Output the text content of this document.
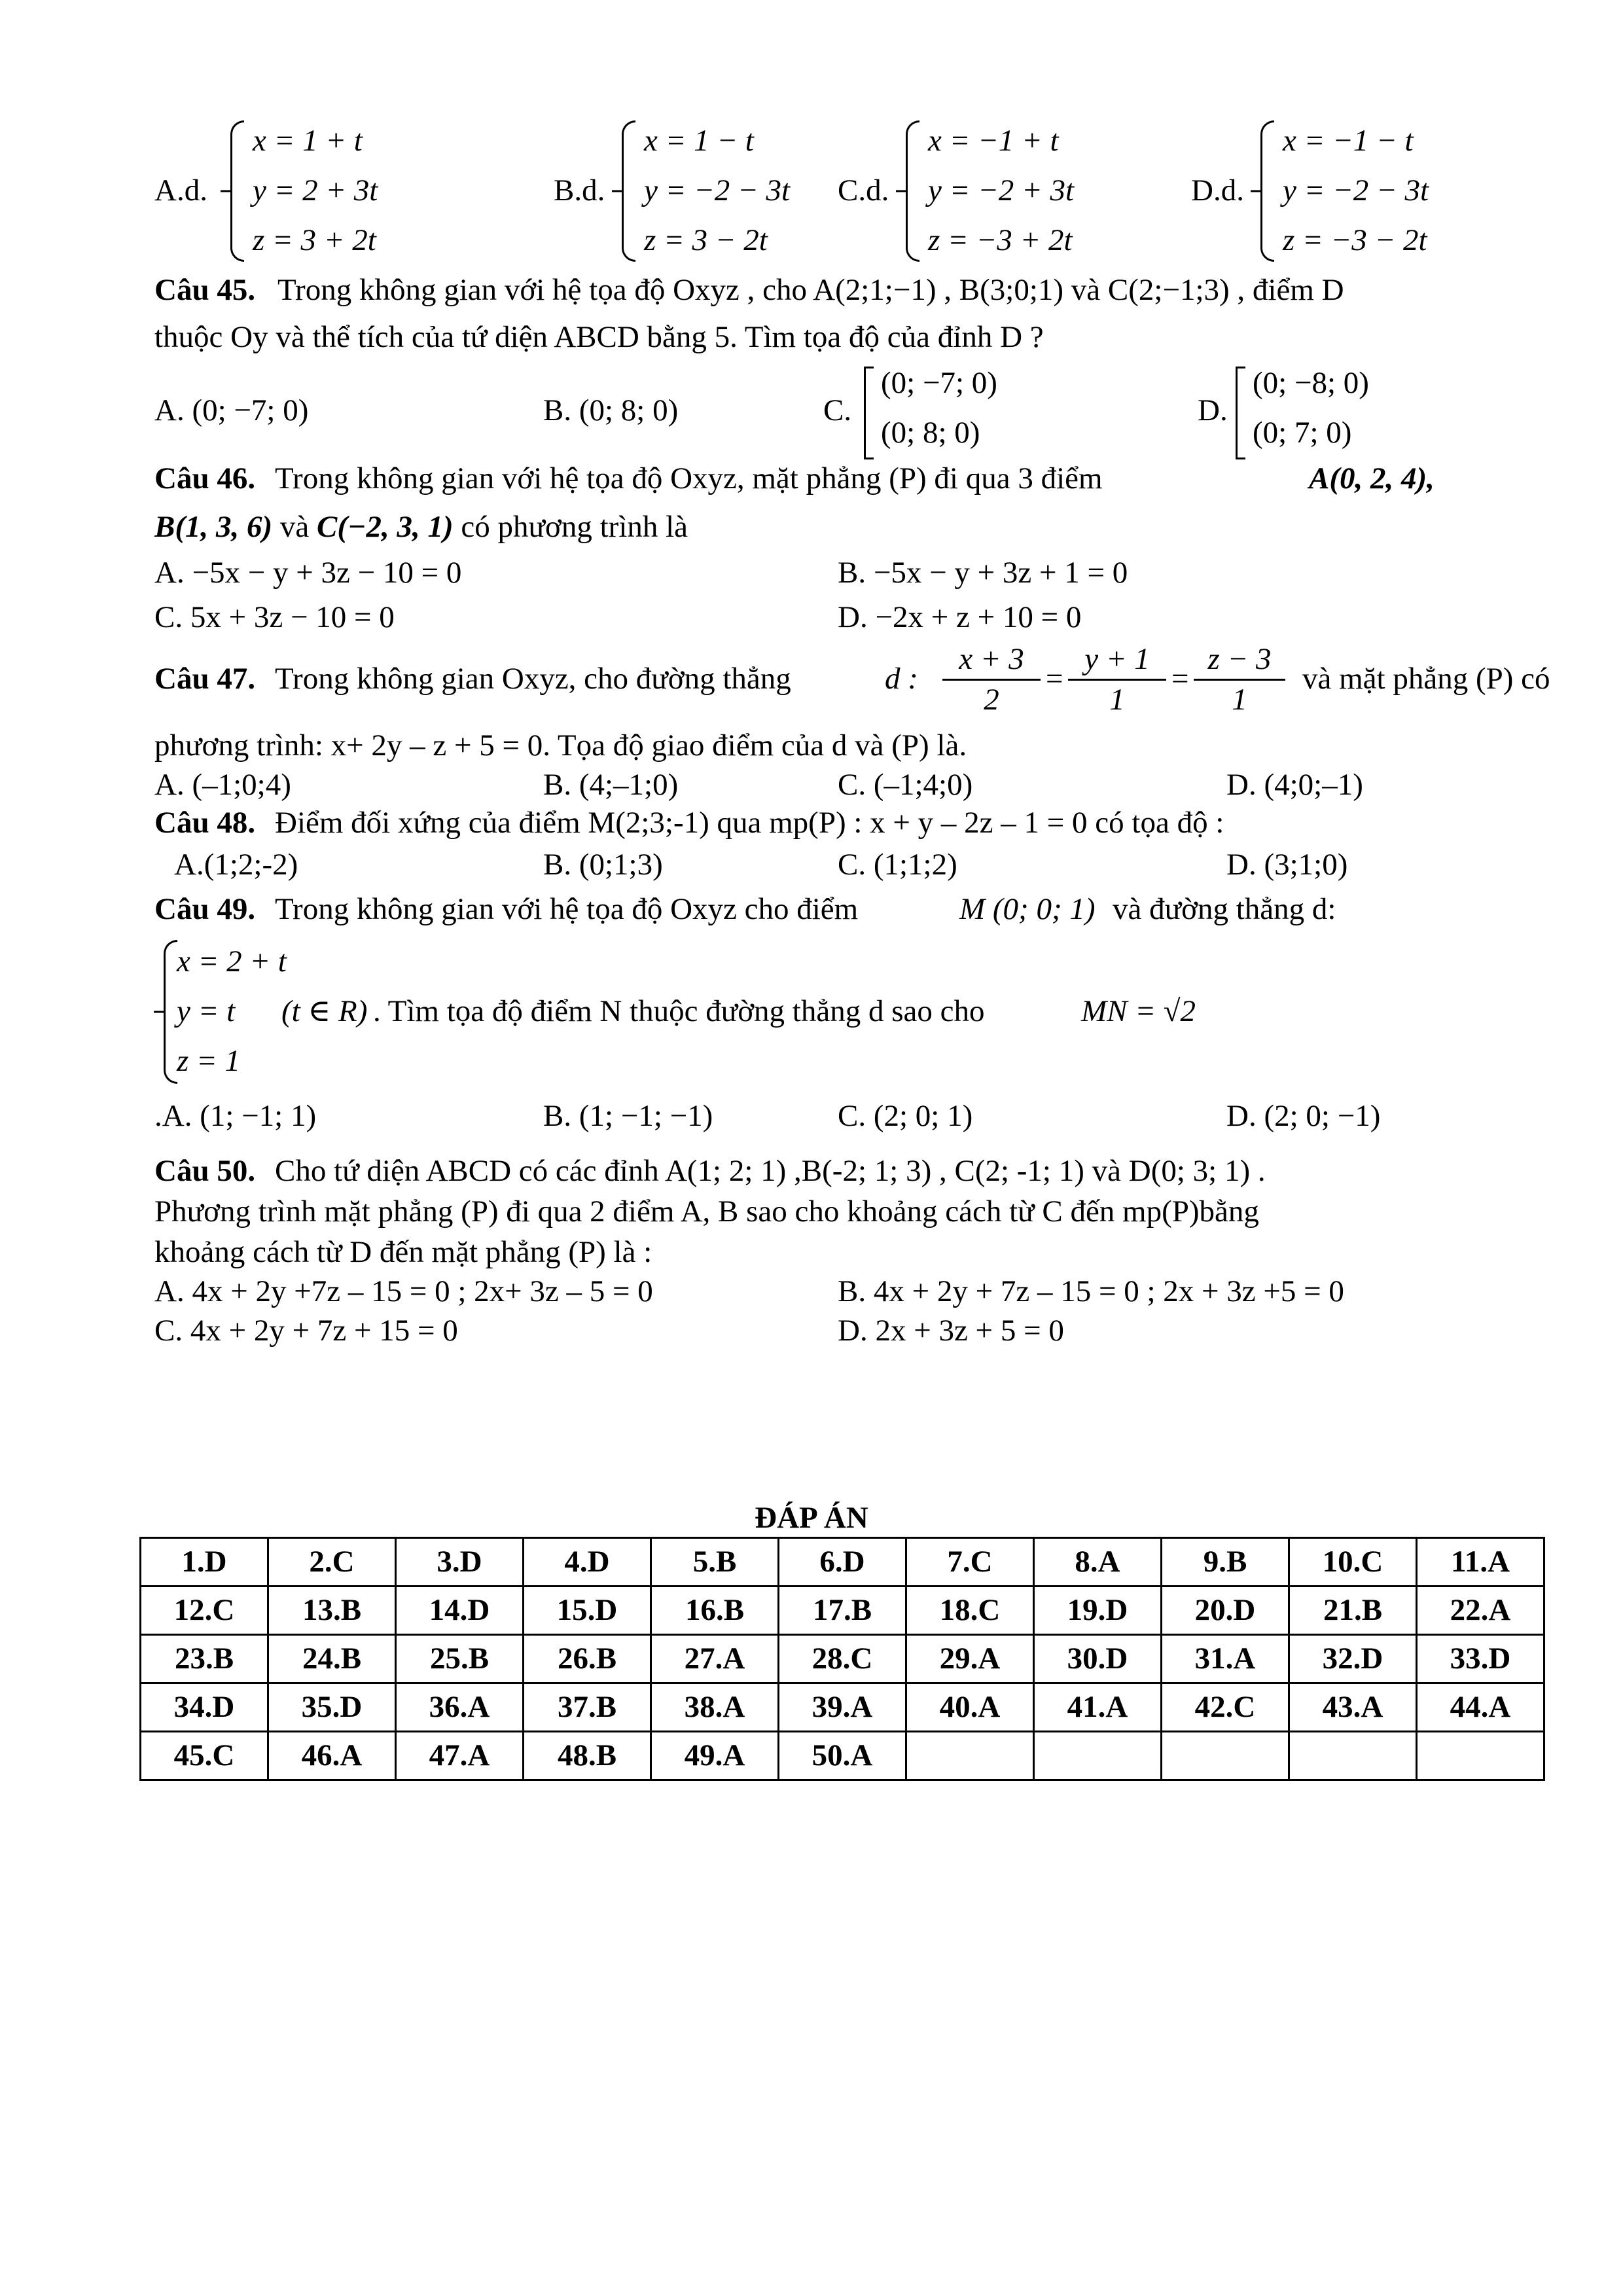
A.d.
x = 1 + t
y = 2 + 3t
z = 3 + 2t
B.d.
x = 1 − t
y = −2 − 3t
z = 3 − 2t
C.d.
x = −1 + t
y = −2 + 3t
z = −3 + 2t
D.d.
x = −1 − t
y = −2 − 3t
z = −3 − 2t
Câu 45. Trong không gian với hệ tọa độ Oxyz , cho A(2;1;−1) , B(3;0;1) và C(2;−1;3) , điểm D
thuộc Oy và thể tích của tứ diện ABCD bằng 5. Tìm tọa độ của đỉnh D ?
A. (0; −7; 0)	B. (0; 8; 0)	C.
(0; −7; 0)
(0; 8; 0)
D.
(0; −8; 0)
(0; 7; 0)
Câu 46. Trong không gian với hệ tọa độ Oxyz, mặt phẳng (P) đi qua 3 điểm	A(0, 2, 4),
B(1, 3, 6) và C(−2, 3, 1) có phương trình là
A. −5x − y + 3z − 10 = 0	B. −5x − y + 3z + 1 = 0
C. 5x + 3z − 10 = 0	D. −2x + z + 10 = 0
Câu 47. Trong không gian Oxyz, cho đường thẳng	d : $\frac{x + 3}{2} = \frac{y + 1}{1} = \frac{z - 3}{1}$ và mặt phẳng (P) có
phương trình: x+ 2y – z + 5 = 0. Tọa độ giao điểm của d và (P) là.
A. (–1;0;4)	B. (4;–1;0)	C. (–1;4;0)	D. (4;0;–1)
Câu 48. Điểm đối xứng của điểm M(2;3;-1) qua mp(P) : x + y – 2z – 1 = 0 có tọa độ :
A.(1;2;-2)	B. (0;1;3)	C. (1;1;2)	D. (3;1;0)
Câu 49. Trong không gian với hệ tọa độ Oxyz cho điểm	M (0; 0; 1) và đường thẳng d:
x = 2 + t
y = t
z = 1
(t ∈ R) . Tìm tọa độ điểm N thuộc đường thẳng d sao cho	MN = √2
.A. (1; −1; 1)	B. (1; −1; −1)	C. (2; 0; 1)	D. (2; 0; −1)
Câu 50. Cho tứ diện ABCD có các đỉnh A(1; 2; 1) ,B(-2; 1; 3) , C(2; -1; 1) và D(0; 3; 1) .
Phương trình mặt phẳng (P) đi qua 2 điểm A, B sao cho khoảng cách từ C đến mp(P)bằng
khoảng cách từ D đến mặt phẳng (P) là :
A. 4x + 2y +7z – 15 = 0 ; 2x+ 3z – 5 = 0	B. 4x + 2y + 7z – 15 = 0 ; 2x + 3z +5 = 0
C. 4x + 2y + 7z + 15 = 0	D. 2x + 3z + 5 = 0
ĐÁP ÁN
1.D	2.C	3.D	4.D	5.B	6.D	7.C	8.A	9.B	10.C	11.A
12.C	13.B	14.D	15.D	16.B	17.B	18.C	19.D	20.D	21.B	22.A
23.B	24.B	25.B	26.B	27.A	28.C	29.A	30.D	31.A	32.D	33.D
34.D	35.D	36.A	37.B	38.A	39.A	40.A	41.A	42.C	43.A	44.A
45.C	46.A	47.A	48.B	49.A	50.A					
